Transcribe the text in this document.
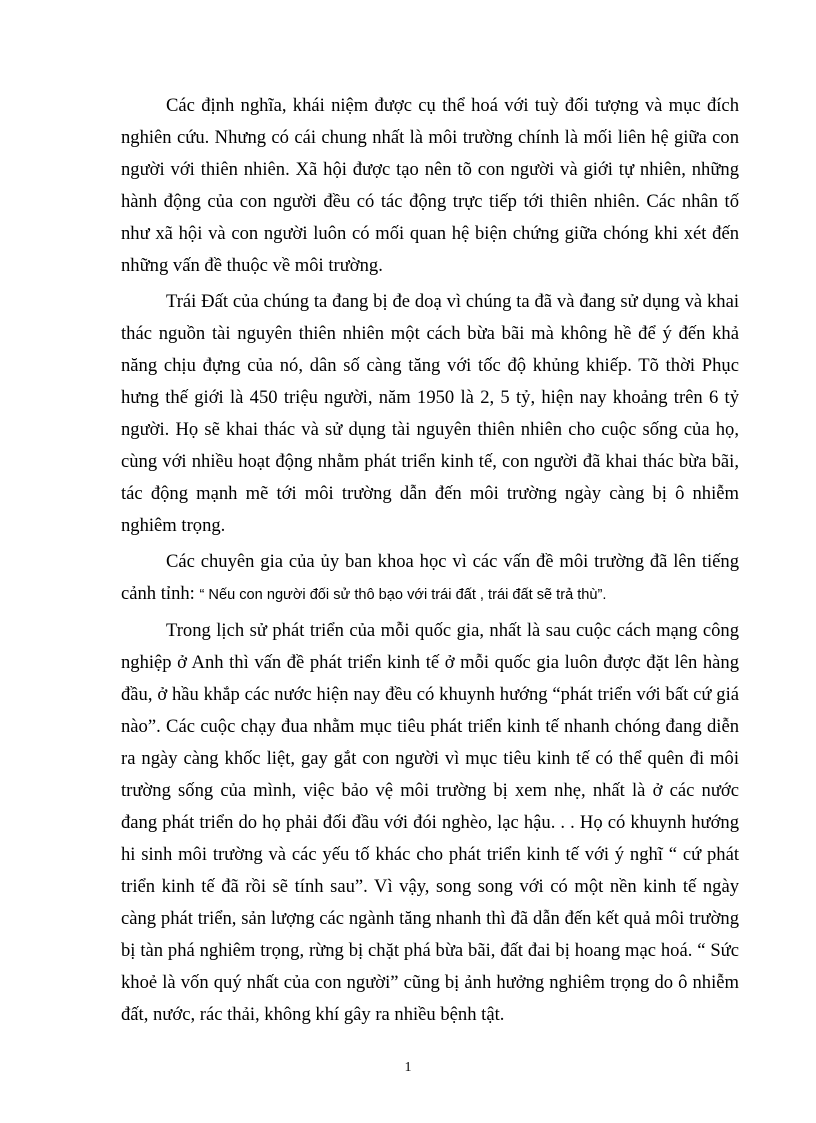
Các định nghĩa, khái niệm được cụ thể hoá với tuỳ đối tượng và mục đích nghiên cứu. Nhưng có cái chung nhất là môi trường chính là mối liên hệ giữa con người với thiên nhiên. Xã hội được tạo nên tõ con người và giới tự nhiên, những hành động của con người đều có tác động trực tiếp tới thiên nhiên. Các nhân tố như xã hội và con người luôn có mối quan hệ biện chứng giữa chóng khi xét đến những vấn đề thuộc về môi trường.

Trái Đất của chúng ta đang bị đe doạ vì chúng ta đã và đang sử dụng và khai thác nguồn tài nguyên thiên nhiên một cách bừa bãi mà không hề để ý đến khả năng chịu đựng của nó, dân số càng tăng với tốc độ khủng khiếp. Tõ thời Phục hưng thế giới là 450 triệu người, năm 1950 là 2, 5 tỷ, hiện nay khoảng trên 6 tỷ người. Họ sẽ khai thác và sử dụng tài nguyên thiên nhiên cho cuộc sống của họ, cùng với nhiều hoạt động nhằm phát triển kinh tế, con người đã khai thác bừa bãi, tác động mạnh mẽ tới môi trường dẫn đến môi trường ngày càng bị ô nhiễm nghiêm trọng.

Các chuyên gia của ủy ban khoa học vì các vấn đề môi trường đã lên tiếng cảnh tỉnh: “ Nếu con người đối sử thô bạo với trái đất , trái đất sẽ trả thù”.

Trong lịch sử phát triển của mỗi quốc gia, nhất là sau cuộc cách mạng công nghiệp ở Anh thì vấn đề phát triển kinh tế ở mỗi quốc gia luôn được đặt lên hàng đầu, ở hầu khắp các nước hiện nay đều có khuynh hướng “phát triển với bất cứ giá nào”. Các cuộc chạy đua nhằm mục tiêu phát triển kinh tế nhanh chóng đang diễn ra ngày càng khốc liệt, gay gắt con người vì mục tiêu kinh tế có thể quên đi môi trường sống của mình, việc bảo vệ môi trường bị xem nhẹ, nhất là ở các nước đang phát triển do họ phải đối đầu với đói nghèo, lạc hậu. . . Họ có khuynh hướng hi sinh môi trường và các yếu tố khác cho phát triển kinh tế với ý nghĩ “ cứ phát triển kinh tế đã rồi sẽ tính sau”. Vì vậy, song song với có một nền kinh tế ngày càng phát triển, sản lượng các ngành tăng nhanh thì đã dẫn đến kết quả môi trường bị tàn phá nghiêm trọng, rừng bị chặt phá bừa bãi, đất đai bị hoang mạc hoá. “ Sức khoẻ là vốn quý nhất của con người” cũng bị ảnh hưởng nghiêm trọng do ô nhiễm đất, nước, rác thải, không khí gây ra nhiều bệnh tật.

1
